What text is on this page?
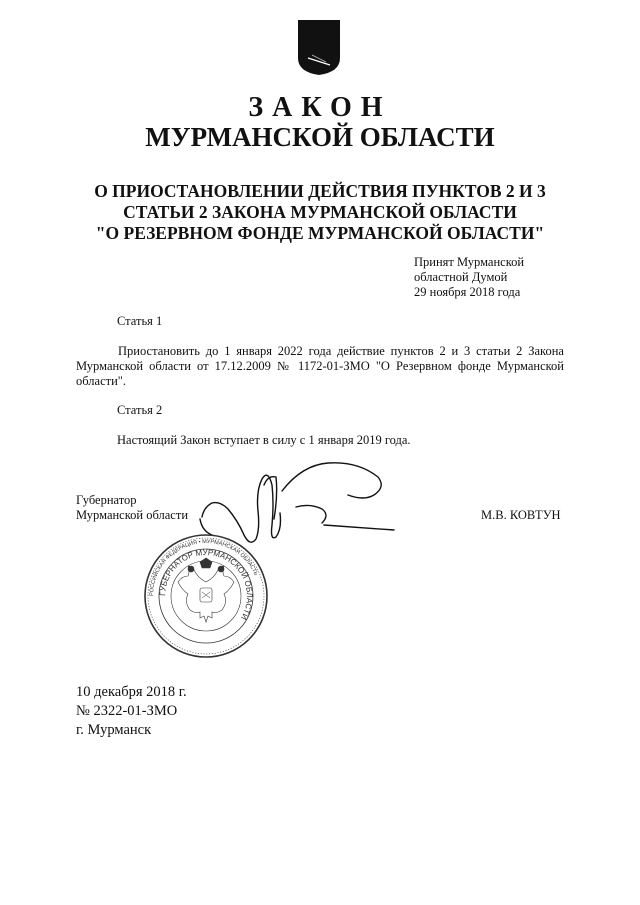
ЗАКОН
МУРМАНСКОЙ ОБЛАСТИ
О ПРИОСТАНОВЛЕНИИ ДЕЙСТВИЯ ПУНКТОВ 2 И 3
СТАТЬИ 2 ЗАКОНА МУРМАНСКОЙ ОБЛАСТИ
"О РЕЗЕРВНОМ ФОНДЕ МУРМАНСКОЙ ОБЛАСТИ"
Принят Мурманской
областной Думой
29 ноября 2018 года
Статья 1
Приостановить до 1 января 2022 года действие пунктов 2 и 3 статьи 2 Закона Мурманской области от 17.12.2009 № 1172-01-ЗМО "О Резервном фонде Мурманской области".
Статья 2
Настоящий Закон вступает в силу с 1 января 2019 года.
Губернатор
Мурманской области	М.В. КОВТУН
РОССИЙСКАЯ ФЕДЕРАЦИЯ • МУРМАНСКАЯ ОБЛАСТЬ
ГУБЕРНАТОР МУРМАНСКОЙ ОБЛАСТИ
10 декабря 2018 г.
№ 2322-01-ЗМО
г. Мурманск
